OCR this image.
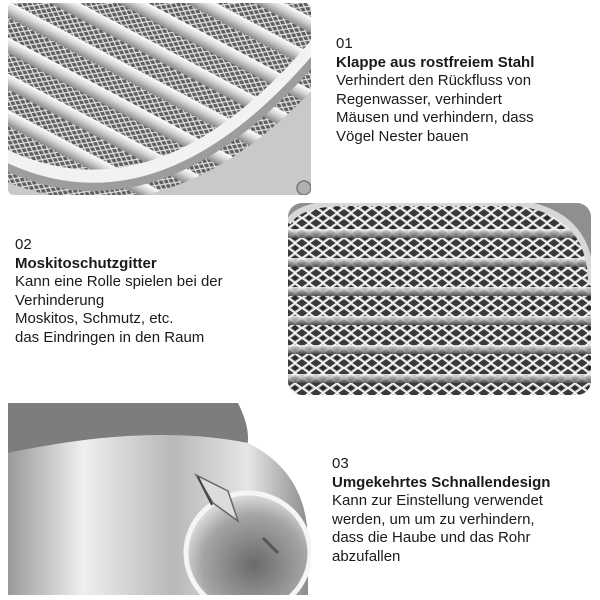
01

Klappe aus rostfreiem Stahl

Verhindert den Rückfluss von
Regenwasser, verhindert
Mäusen und verhindern, dass
Vögel Nester bauen

02

Moskitoschutzgitter

Kann eine Rolle spielen bei der
Verhinderung
Moskitos, Schmutz, etc.
das Eindringen in den Raum

03

Umgekehrtes Schnallendesign

Kann zur Einstellung verwendet
werden, um um zu verhindern,
dass die Haube und das Rohr
abzufallen
